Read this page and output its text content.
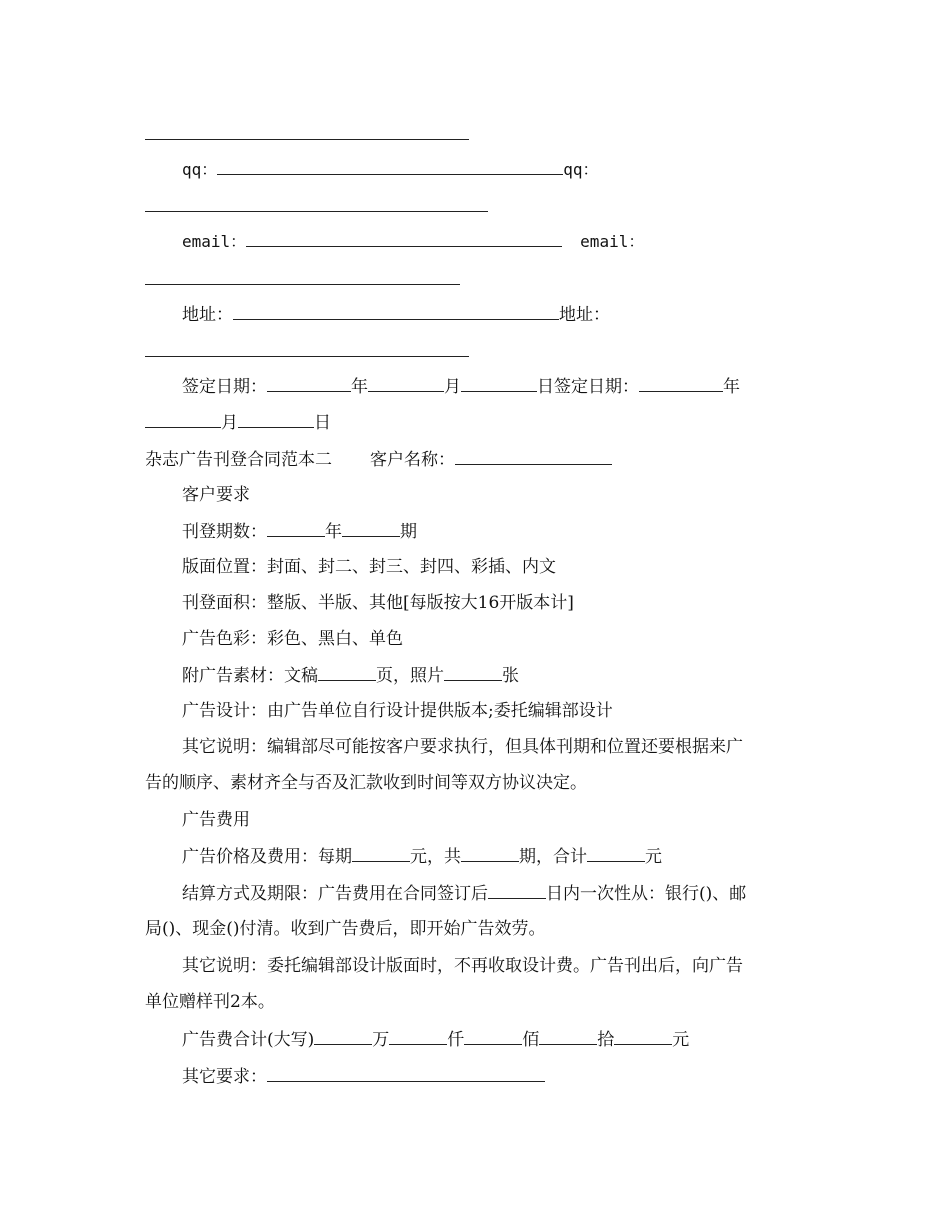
qq：	qq：
email：	email：
地址：	地址：
签定日期：	年	月	日签定日期：	年
月	日
杂志广告刊登合同范本二 客户名称：
客户要求
刊登期数：	年	期
版面位置：封面、封二、封三、封四、彩插、内文
刊登面积：整版、半版、其他[每版按大16开版本计]
广告色彩：彩色、黑白、单色
附广告素材：文稿	页，照片	张
广告设计：由广告单位自行设计提供版本;委托编辑部设计
其它说明：编辑部尽可能按客户要求执行，但具体刊期和位置还要根据来广
告的顺序、素材齐全与否及汇款收到时间等双方协议决定。
广告费用
广告价格及费用：每期	元，共	期，合计	元
结算方式及期限：广告费用在合同签订后	日内一次性从：银行()、邮
局()、现金()付清。收到广告费后，即开始广告效劳。
其它说明：委托编辑部设计版面时，不再收取设计费。广告刊出后，向广告
单位赠样刊2本。
广告费合计(大写)	万	仟	佰	拾	元
其它要求：
